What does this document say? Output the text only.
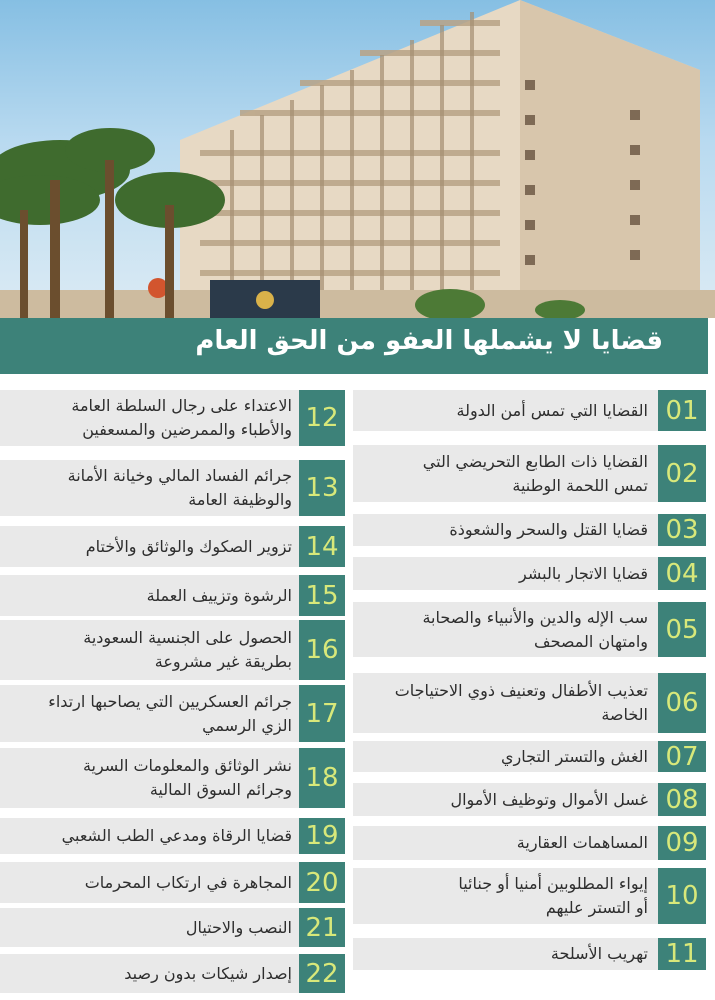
قضايا لا يشملها العفو من الحق العام
01
القضايا التي تمس أمن الدولة
02
القضايا ذات الطابع التحريضي التي
تمس اللحمة الوطنية
03
قضايا القتل والسحر والشعوذة
04
قضايا الاتجار بالبشر
05
سب الإله والدين والأنبياء والصحابة
وامتهان المصحف
06
تعذيب الأطفال وتعنيف ذوي الاحتياجات
الخاصة
07
الغش والتستر التجاري
08
غسل الأموال وتوظيف الأموال
09
المساهمات العقارية
10
إيواء المطلوبين أمنيا أو جنائيا
أو التستر عليهم
11
تهريب الأسلحة
12
الاعتداء على رجال السلطة العامة
والأطباء والممرضين والمسعفين
13
جرائم الفساد المالي وخيانة الأمانة
والوظيفة العامة
14
تزوير الصكوك والوثائق والأختام
15
الرشوة وتزييف العملة
16
الحصول على الجنسية السعودية
بطريقة غير مشروعة
17
جرائم العسكريين التي يصاحبها ارتداء
الزي الرسمي
18
نشر الوثائق والمعلومات السرية
وجرائم السوق المالية
19
قضايا الرقاة ومدعي الطب الشعبي
20
المجاهرة في ارتكاب المحرمات
21
النصب والاحتيال
22
إصدار شيكات بدون رصيد
